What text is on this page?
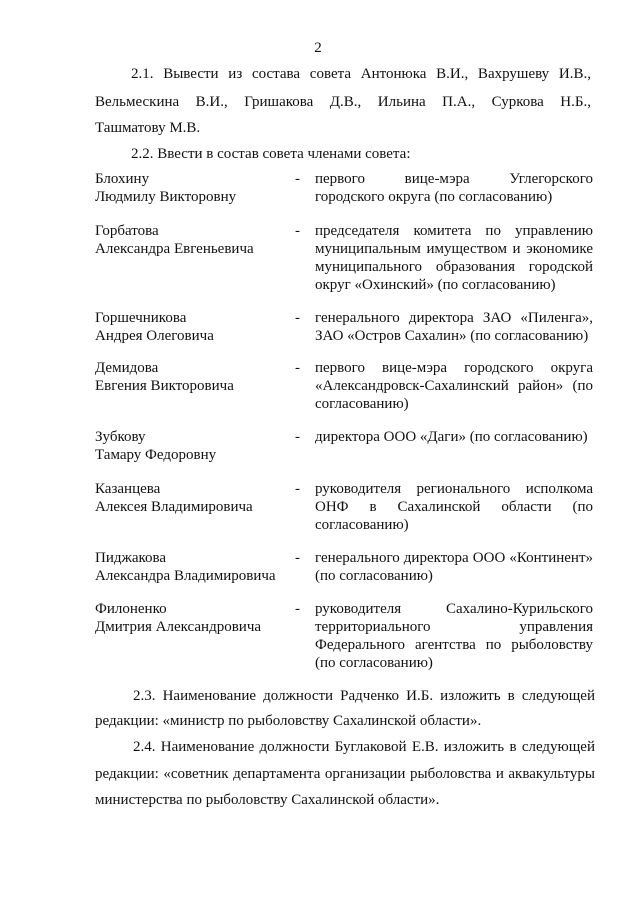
2
2.1. Вывести из состава совета Антонюка В.И., Вахрушеву И.В.,
Вельмескина В.И., Гришакова Д.В., Ильина П.А., Суркова Н.Б.,
Ташматову М.В.
2.2. Ввести в состав совета членами совета:
Блохину
Людмилу Викторовну
- первого вице-мэра Углегорского
городского округа (по согласованию)
Горбатова
Александра Евгеньевича
- председателя комитета по управлению
муниципальным имуществом и экономике
муниципального образования городской
округ «Охинский» (по согласованию)
Горшечникова
Андрея Олеговича
- генерального директора ЗАО «Пиленга»,
ЗАО «Остров Сахалин» (по согласованию)
Демидова
Евгения Викторовича
- первого вице-мэра городского округа
«Александровск-Сахалинский район» (по
согласованию)
Зубкову
Тамару Федоровну
- директора ООО «Даги» (по согласованию)
Казанцева
Алексея Владимировича
- руководителя регионального исполкома
ОНФ в Сахалинской области (по
согласованию)
Пиджакова
Александра Владимировича
- генерального директора ООО «Континент»
(по согласованию)
Филоненко
Дмитрия Александровича
- руководителя Сахалино-Курильского
территориального управления
Федерального агентства по рыболовству
(по согласованию)
2.3. Наименование должности Радченко И.Б. изложить в следующей
редакции: «министр по рыболовству Сахалинской области».
2.4. Наименование должности Буглаковой Е.В. изложить в следующей
редакции: «советник департамента организации рыболовства и аквакультуры
министерства по рыболовству Сахалинской области».
